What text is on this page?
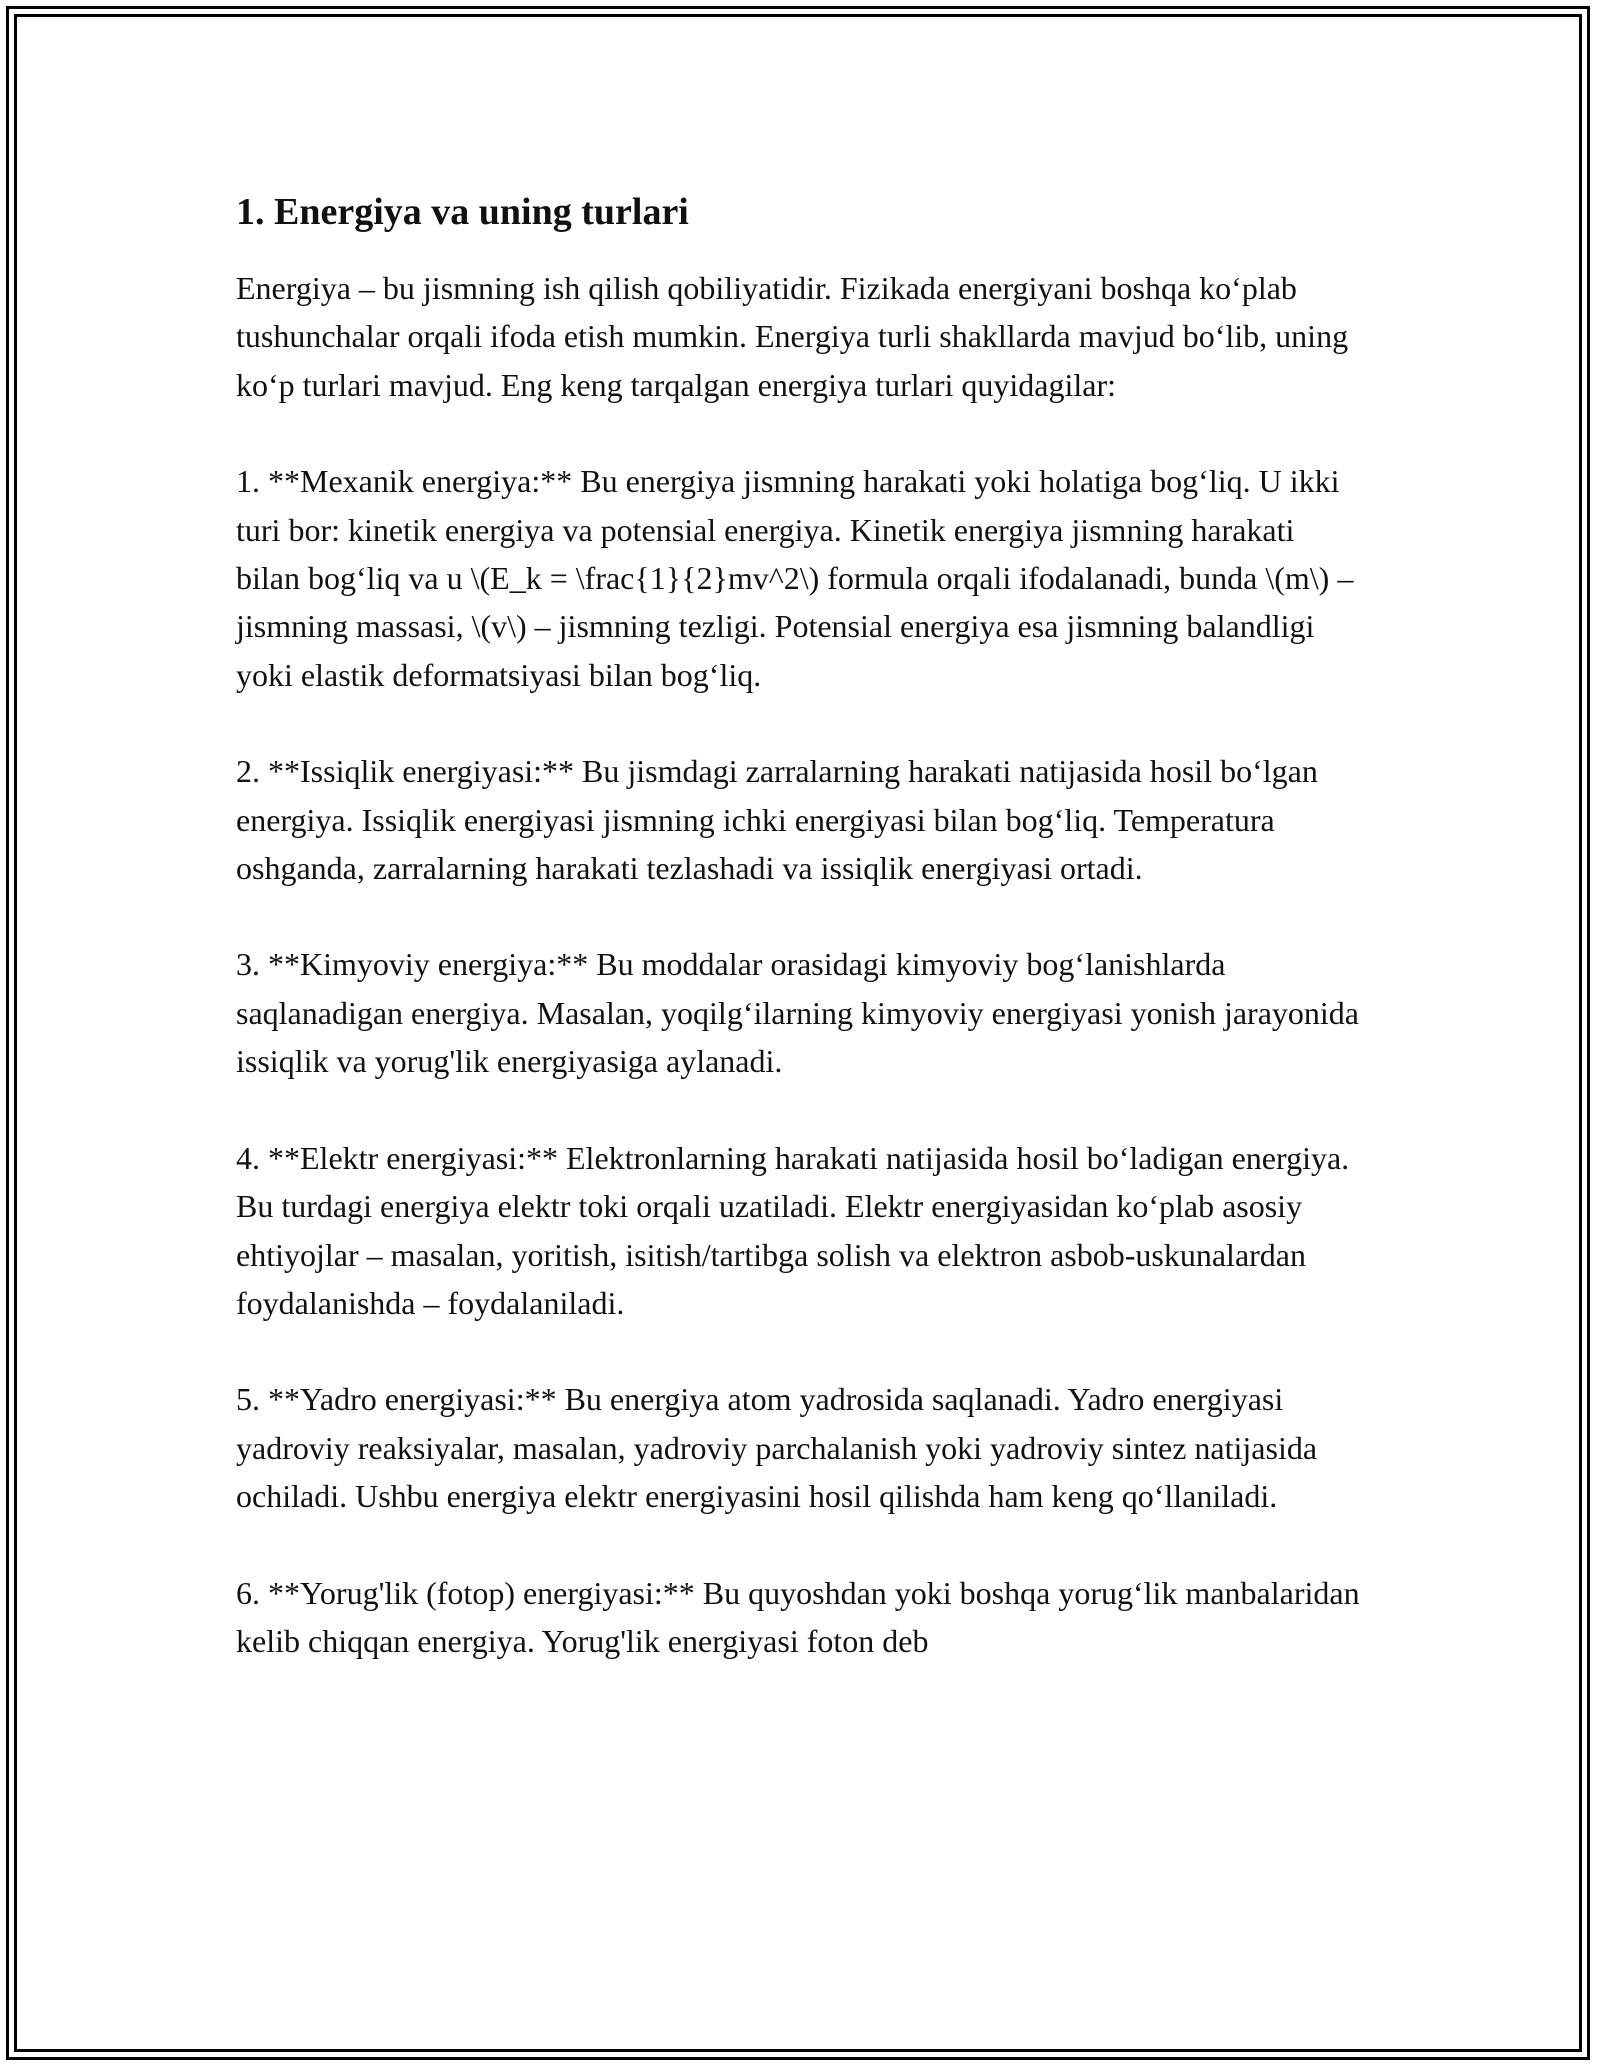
1. Energiya va uning turlari

Energiya – bu jismning ish qilish qobiliyatidir. Fizikada energiyani boshqa ko‘plab tushunchalar orqali ifoda etish mumkin. Energiya turli shakllarda mavjud bo‘lib, uning ko‘p turlari mavjud. Eng keng tarqalgan energiya turlari quyidagilar:

1. **Mexanik energiya:** Bu energiya jismning harakati yoki holatiga bog‘liq. U ikki turi bor: kinetik energiya va potensial energiya. Kinetik energiya jismning harakati bilan bog‘liq va u \(E_k = \frac{1}{2}mv^2\) formula orqali ifodalanadi, bunda \(m\) – jismning massasi, \(v\) – jismning tezligi. Potensial energiya esa jismning balandligi yoki elastik deformatsiyasi bilan bog‘liq.

2. **Issiqlik energiyasi:** Bu jismdagi zarralarning harakati natijasida hosil bo‘lgan energiya. Issiqlik energiyasi jismning ichki energiyasi bilan bog‘liq. Temperatura oshganda, zarralarning harakati tezlashadi va issiqlik energiyasi ortadi.

3. **Kimyoviy energiya:** Bu moddalar orasidagi kimyoviy bog‘lanishlarda saqlanadigan energiya. Masalan, yoqilg‘ilarning kimyoviy energiyasi yonish jarayonida issiqlik va yorug'lik energiyasiga aylanadi.

4. **Elektr energiyasi:** Elektronlarning harakati natijasida hosil bo‘ladigan energiya. Bu turdagi energiya elektr toki orqali uzatiladi. Elektr energiyasidan ko‘plab asosiy ehtiyojlar – masalan, yoritish, isitish/tartibga solish va elektron asbob-uskunalardan foydalanishda – foydalaniladi.

5. **Yadro energiyasi:** Bu energiya atom yadrosida saqlanadi. Yadro energiyasi yadroviy reaksiyalar, masalan, yadroviy parchalanish yoki yadroviy sintez natijasida ochiladi. Ushbu energiya elektr energiyasini hosil qilishda ham keng qo‘llaniladi.

6. **Yorug'lik (fotop) energiyasi:** Bu quyoshdan yoki boshqa yorug‘lik manbalaridan kelib chiqqan energiya. Yorug'lik energiyasi foton deb
